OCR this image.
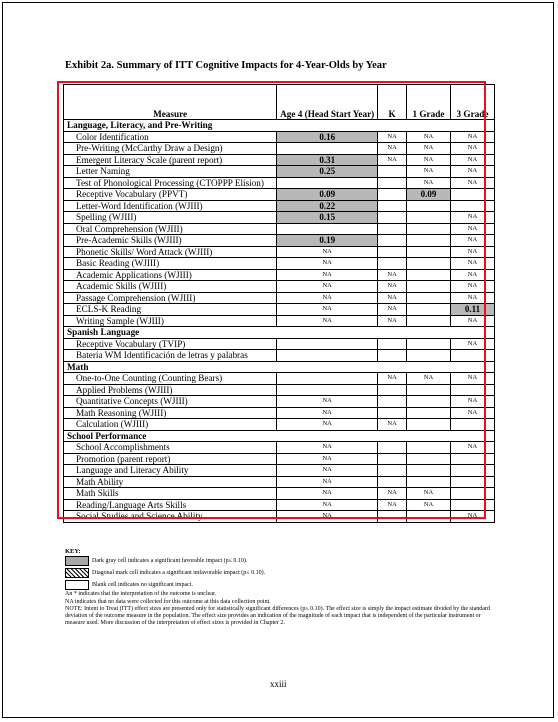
Exhibit 2a. Summary of ITT Cognitive Impacts for 4-Year-Olds by Year
Measure	Age 4 (Head Start Year)	K	1 Grade	3 Grade
Language, Literacy, and Pre-Writing				
Color Identification	0.16	NA	NA	NA
Pre-Writing (McCarthy Draw a Design)		NA	NA	NA
Emergent Literacy Scale (parent report)	0.31	NA	NA	NA
Letter Naming	0.25		NA	NA
Test of Phonological Processing (CTOPPP Elision)			NA	NA
Receptive Vocabulary (PPVT)	0.09		0.09	
Letter-Word Identification (WJIII)	0.22			
Spelling (WJIII)	0.15			NA
Oral Comprehension (WJIII)				NA
Pre-Academic Skills (WJIII)	0.19			NA
Phonetic Skills/ Word Attack (WJIII)	NA			NA
Basic Reading (WJIII)	NA			NA
Academic Applications (WJIII)	NA	NA		NA
Academic Skills (WJIII)	NA	NA		NA
Passage Comprehension (WJIII)	NA	NA		NA
ECLS-K Reading	NA	NA		0.11
Writing Sample (WJIII)	NA	NA		NA
Spanish Language				
Receptive Vocabulary (TVIP)				NA
Batería WM Identificación de letras y palabras				
Math				
One-to-One Counting (Counting Bears)		NA	NA	NA
Applied Problems (WJIII)				
Quantitative Concepts (WJIII)	NA			NA
Math Reasoning (WJIII)	NA			NA
Calculation (WJIII)	NA	NA		
School Performance				
School Accomplishments	NA			NA
Promotion (parent report)	NA			
Language and Literacy Ability	NA			
Math Ability	NA			
Math Skills	NA	NA	NA	
Reading/Language Arts Skills	NA	NA	NA	
Social Studies and Science Ability	NA			NA
KEY:
Dark gray cell indicates a significant favorable impact (p≤ 0.10).
Diagonal mark cell indicates a significant unfavorable impact (p≤ 0.10).
Blank cell indicates no significant impact.

An * indicates that the interpretation of the outcome is unclear.

NA indicates that no data were collected for this outcome at this data collection point.

NOTE: Intent to Treat (ITT) effect sizes are presented only for statistically significant differences (p≤ 0.10). The effect size is simply the impact estimate divided by the standard deviation of the outcome measure in the population. The effect size provides an indication of the magnitude of each impact that is independent of the particular instrument or measure used. More discussion of the interpretation of effect sizes is provided in Chapter 2.

xxiii
